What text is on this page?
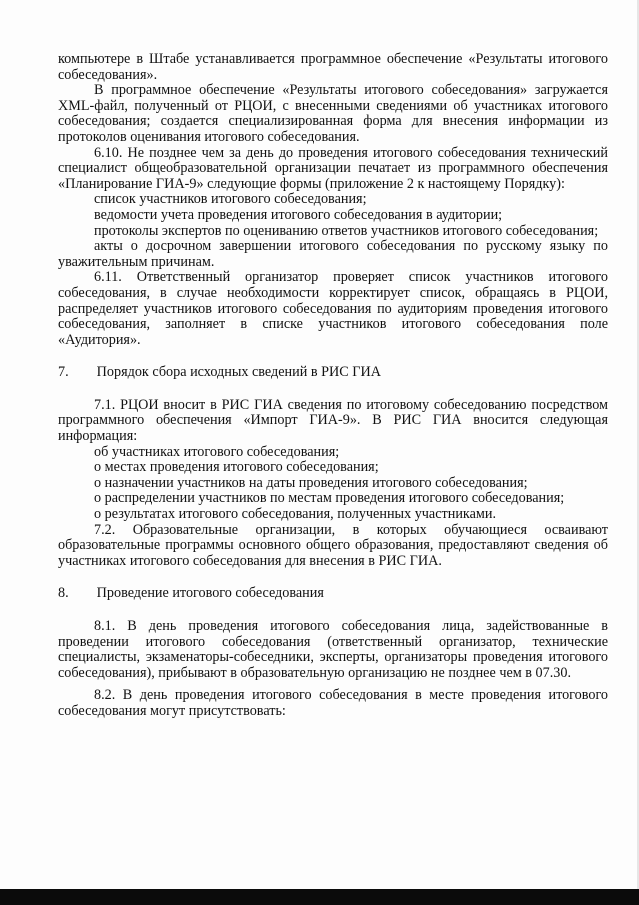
компьютере в Штабе устанавливается программное обеспечение «Результаты итогового собеседования».

В программное обеспечение «Результаты итогового собеседования» загружается XML-файл, полученный от РЦОИ, с внесенными сведениями об участниках итогового собеседования; создается специализированная форма для внесения информации из протоколов оценивания итогового собеседования.

6.10. Не позднее чем за день до проведения итогового собеседования технический специалист общеобразовательной организации печатает из программного обеспечения «Планирование ГИА-9» следующие формы (приложение 2 к настоящему Порядку):

список участников итогового собеседования;

ведомости учета проведения итогового собеседования в аудитории;

протоколы экспертов по оцениванию ответов участников итогового собеседования;

акты о досрочном завершении итогового собеседования по русскому языку по уважительным причинам.

6.11. Ответственный организатор проверяет список участников итогового собеседования, в случае необходимости корректирует список, обращаясь в РЦОИ, распределяет участников итогового собеседования по аудиториям проведения итогового собеседования, заполняет в списке участников итогового собеседования поле «Аудитория».

7. Порядок сбора исходных сведений в РИС ГИА

7.1. РЦОИ вносит в РИС ГИА сведения по итоговому собеседованию посредством программного обеспечения «Импорт ГИА-9». В РИС ГИА вносится следующая информация:

об участниках итогового собеседования;

о местах проведения итогового собеседования;

о назначении участников на даты проведения итогового собеседования;

о распределении участников по местам проведения итогового собеседования;

о результатах итогового собеседования, полученных участниками.

7.2. Образовательные организации, в которых обучающиеся осваивают образовательные программы основного общего образования, предоставляют сведения об участниках итогового собеседования для внесения в РИС ГИА.

8. Проведение итогового собеседования

8.1. В день проведения итогового собеседования лица, задействованные в проведении итогового собеседования (ответственный организатор, технические специалисты, экзаменаторы-собеседники, эксперты, организаторы проведения итогового собеседования), прибывают в образовательную организацию не позднее чем в 07.30.

8.2. В день проведения итогового собеседования в месте проведения итогового собеседования могут присутствовать:
